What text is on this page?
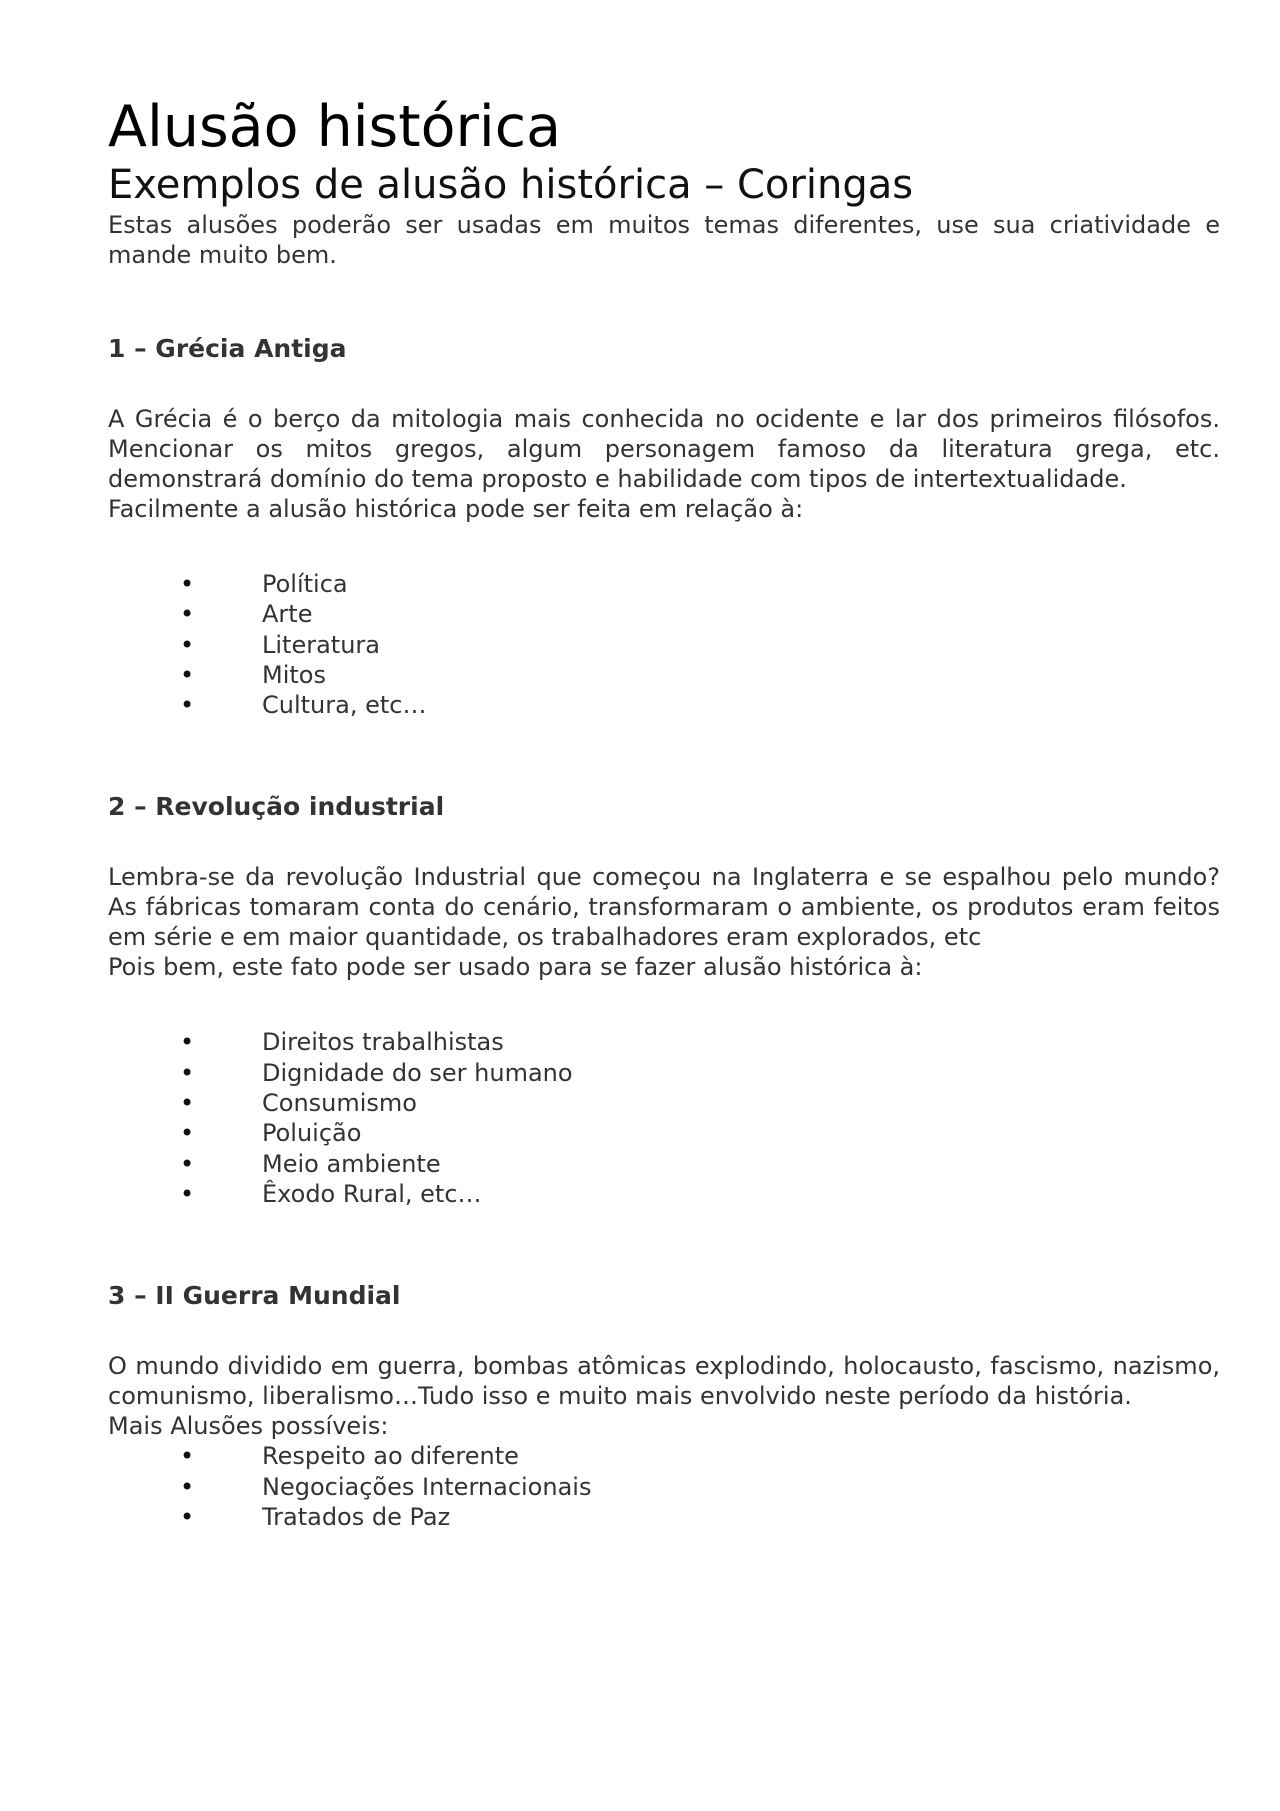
Alusão histórica
Exemplos de alusão histórica – Coringas

Estas alusões poderão ser usadas em muitos temas diferentes, use sua criatividade e mande muito bem.

1 – Grécia Antiga

A Grécia é o berço da mitologia mais conhecida no ocidente e lar dos primeiros filósofos. Mencionar os mitos gregos, algum personagem famoso da literatura grega, etc. demonstrará domínio do tema proposto e habilidade com tipos de intertextualidade.

Facilmente a alusão histórica pode ser feita em relação à:

•	Política
•	Arte
•	Literatura
•	Mitos
•	Cultura, etc…
2 – Revolução industrial

Lembra-se da revolução Industrial que começou na Inglaterra e se espalhou pelo mundo? As fábricas tomaram conta do cenário, transformaram o ambiente, os produtos eram feitos em série e em maior quantidade, os trabalhadores eram explorados, etc

Pois bem, este fato pode ser usado para se fazer alusão histórica à:

•	Direitos trabalhistas
•	Dignidade do ser humano
•	Consumismo
•	Poluição
•	Meio ambiente
•	Êxodo Rural, etc…
3 – II Guerra Mundial

O mundo dividido em guerra, bombas atômicas explodindo, holocausto, fascismo, nazismo, comunismo, liberalismo…Tudo isso e muito mais envolvido neste período da história.

Mais Alusões possíveis:

•	Respeito ao diferente
•	Negociações Internacionais
•	Tratados de Paz
